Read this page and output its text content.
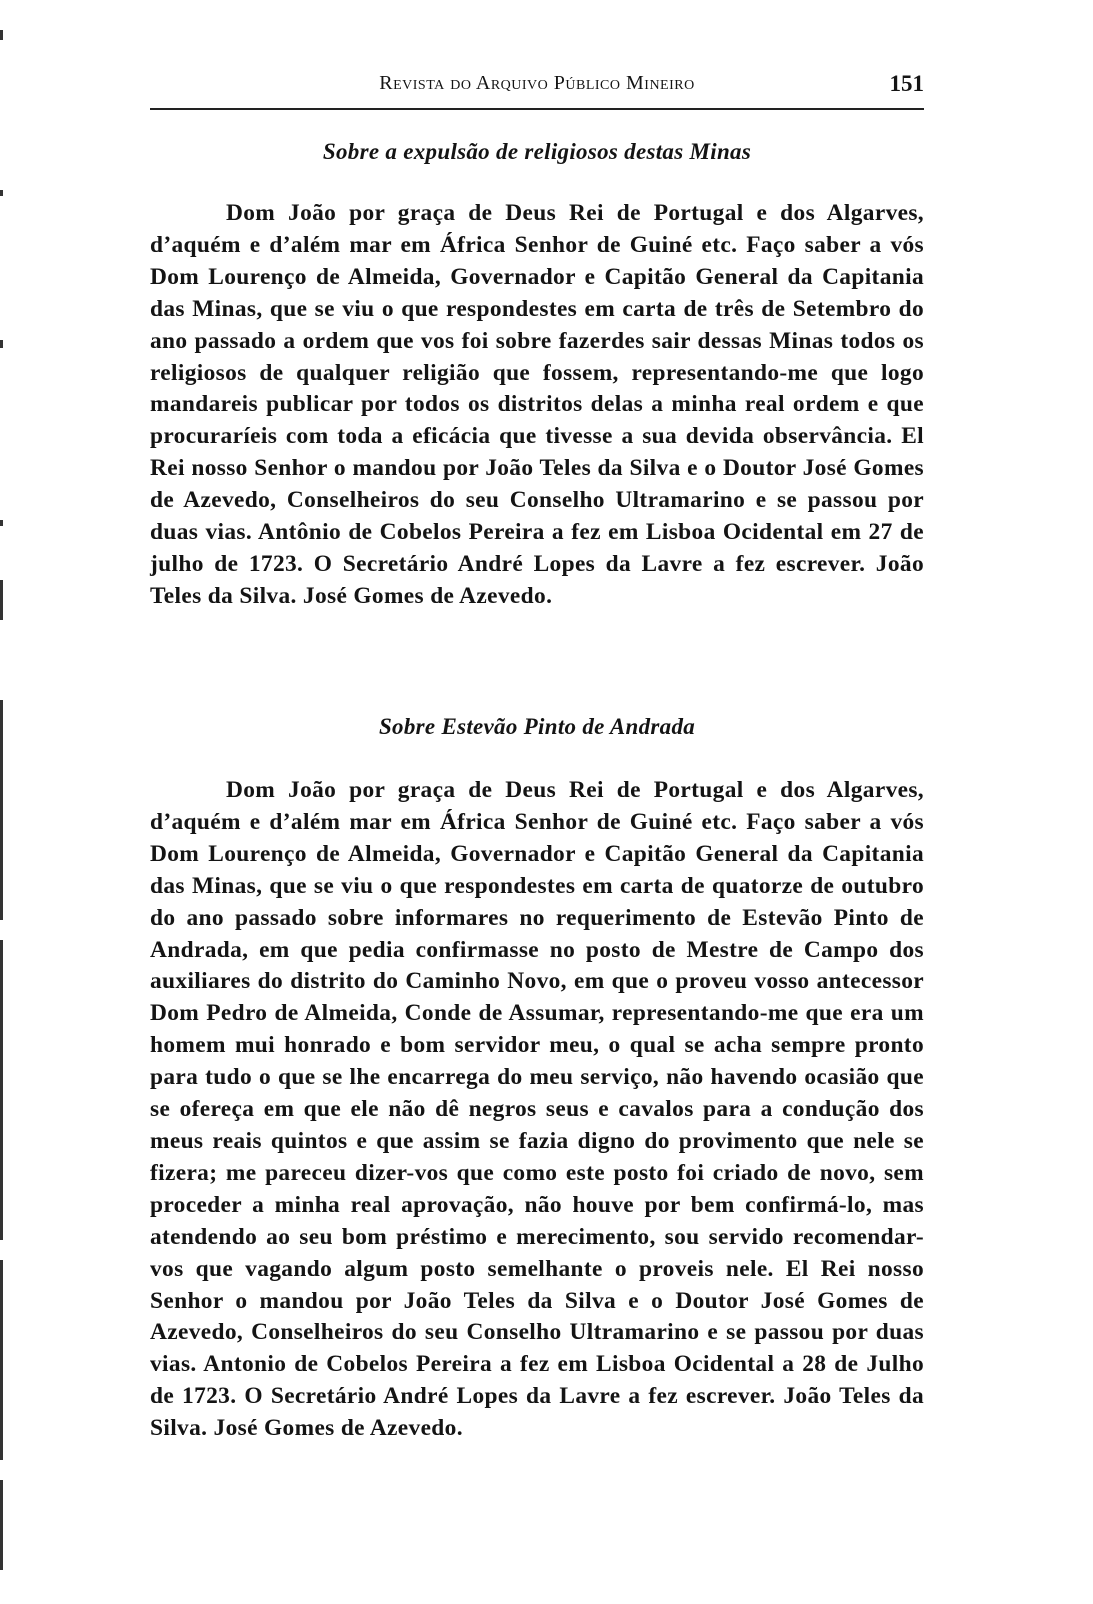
Revista do Arquivo Público Mineiro	151
Sobre a expulsão de religiosos destas Minas

Dom João por graça de Deus Rei de Portugal e dos Algarves, d’aquém e d’além mar em África Senhor de Guiné etc. Faço saber a vós Dom Lourenço de Almeida, Governador e Capitão General da Capitania das Minas, que se viu o que respondestes em carta de três de Setembro do ano passado a ordem que vos foi sobre fazerdes sair dessas Minas todos os religiosos de qualquer religião que fossem, representando-me que logo mandareis publicar por todos os distritos delas a minha real ordem e que procuraríeis com toda a eficácia que tivesse a sua devida observância. El Rei nosso Senhor o mandou por João Teles da Silva e o Doutor José Gomes de Azevedo, Conselheiros do seu Conselho Ultramarino e se passou por duas vias. Antônio de Cobelos Pereira a fez em Lisboa Ocidental em 27 de julho de 1723. O Secretário André Lopes da Lavre a fez escrever. João Teles da Silva. José Gomes de Azevedo.

Sobre Estevão Pinto de Andrada

Dom João por graça de Deus Rei de Portugal e dos Algarves, d’aquém e d’além mar em África Senhor de Guiné etc. Faço saber a vós Dom Lourenço de Almeida, Governador e Capitão General da Capitania das Minas, que se viu o que respondestes em carta de quatorze de outubro do ano passado sobre informares no requerimento de Estevão Pinto de Andrada, em que pedia confirmasse no posto de Mestre de Campo dos auxiliares do distrito do Caminho Novo, em que o proveu vosso antecessor Dom Pedro de Almeida, Conde de Assumar, representando-me que era um homem mui honrado e bom servidor meu, o qual se acha sempre pronto para tudo o que se lhe encarrega do meu serviço, não havendo ocasião que se ofereça em que ele não dê negros seus e cavalos para a condução dos meus reais quintos e que assim se fazia digno do provimento que nele se fizera; me pareceu dizer-vos que como este posto foi criado de novo, sem proceder a minha real aprovação, não houve por bem confirmá-lo, mas atendendo ao seu bom préstimo e merecimento, sou servido recomendar-vos que vagando algum posto semelhante o proveis nele. El Rei nosso Senhor o mandou por João Teles da Silva e o Doutor José Gomes de Azevedo, Conselheiros do seu Conselho Ultramarino e se passou por duas vias. Antonio de Cobelos Pereira a fez em Lisboa Ocidental a 28 de Julho de 1723. O Secretário André Lopes da Lavre a fez escrever. João Teles da Silva. José Gomes de Azevedo.
